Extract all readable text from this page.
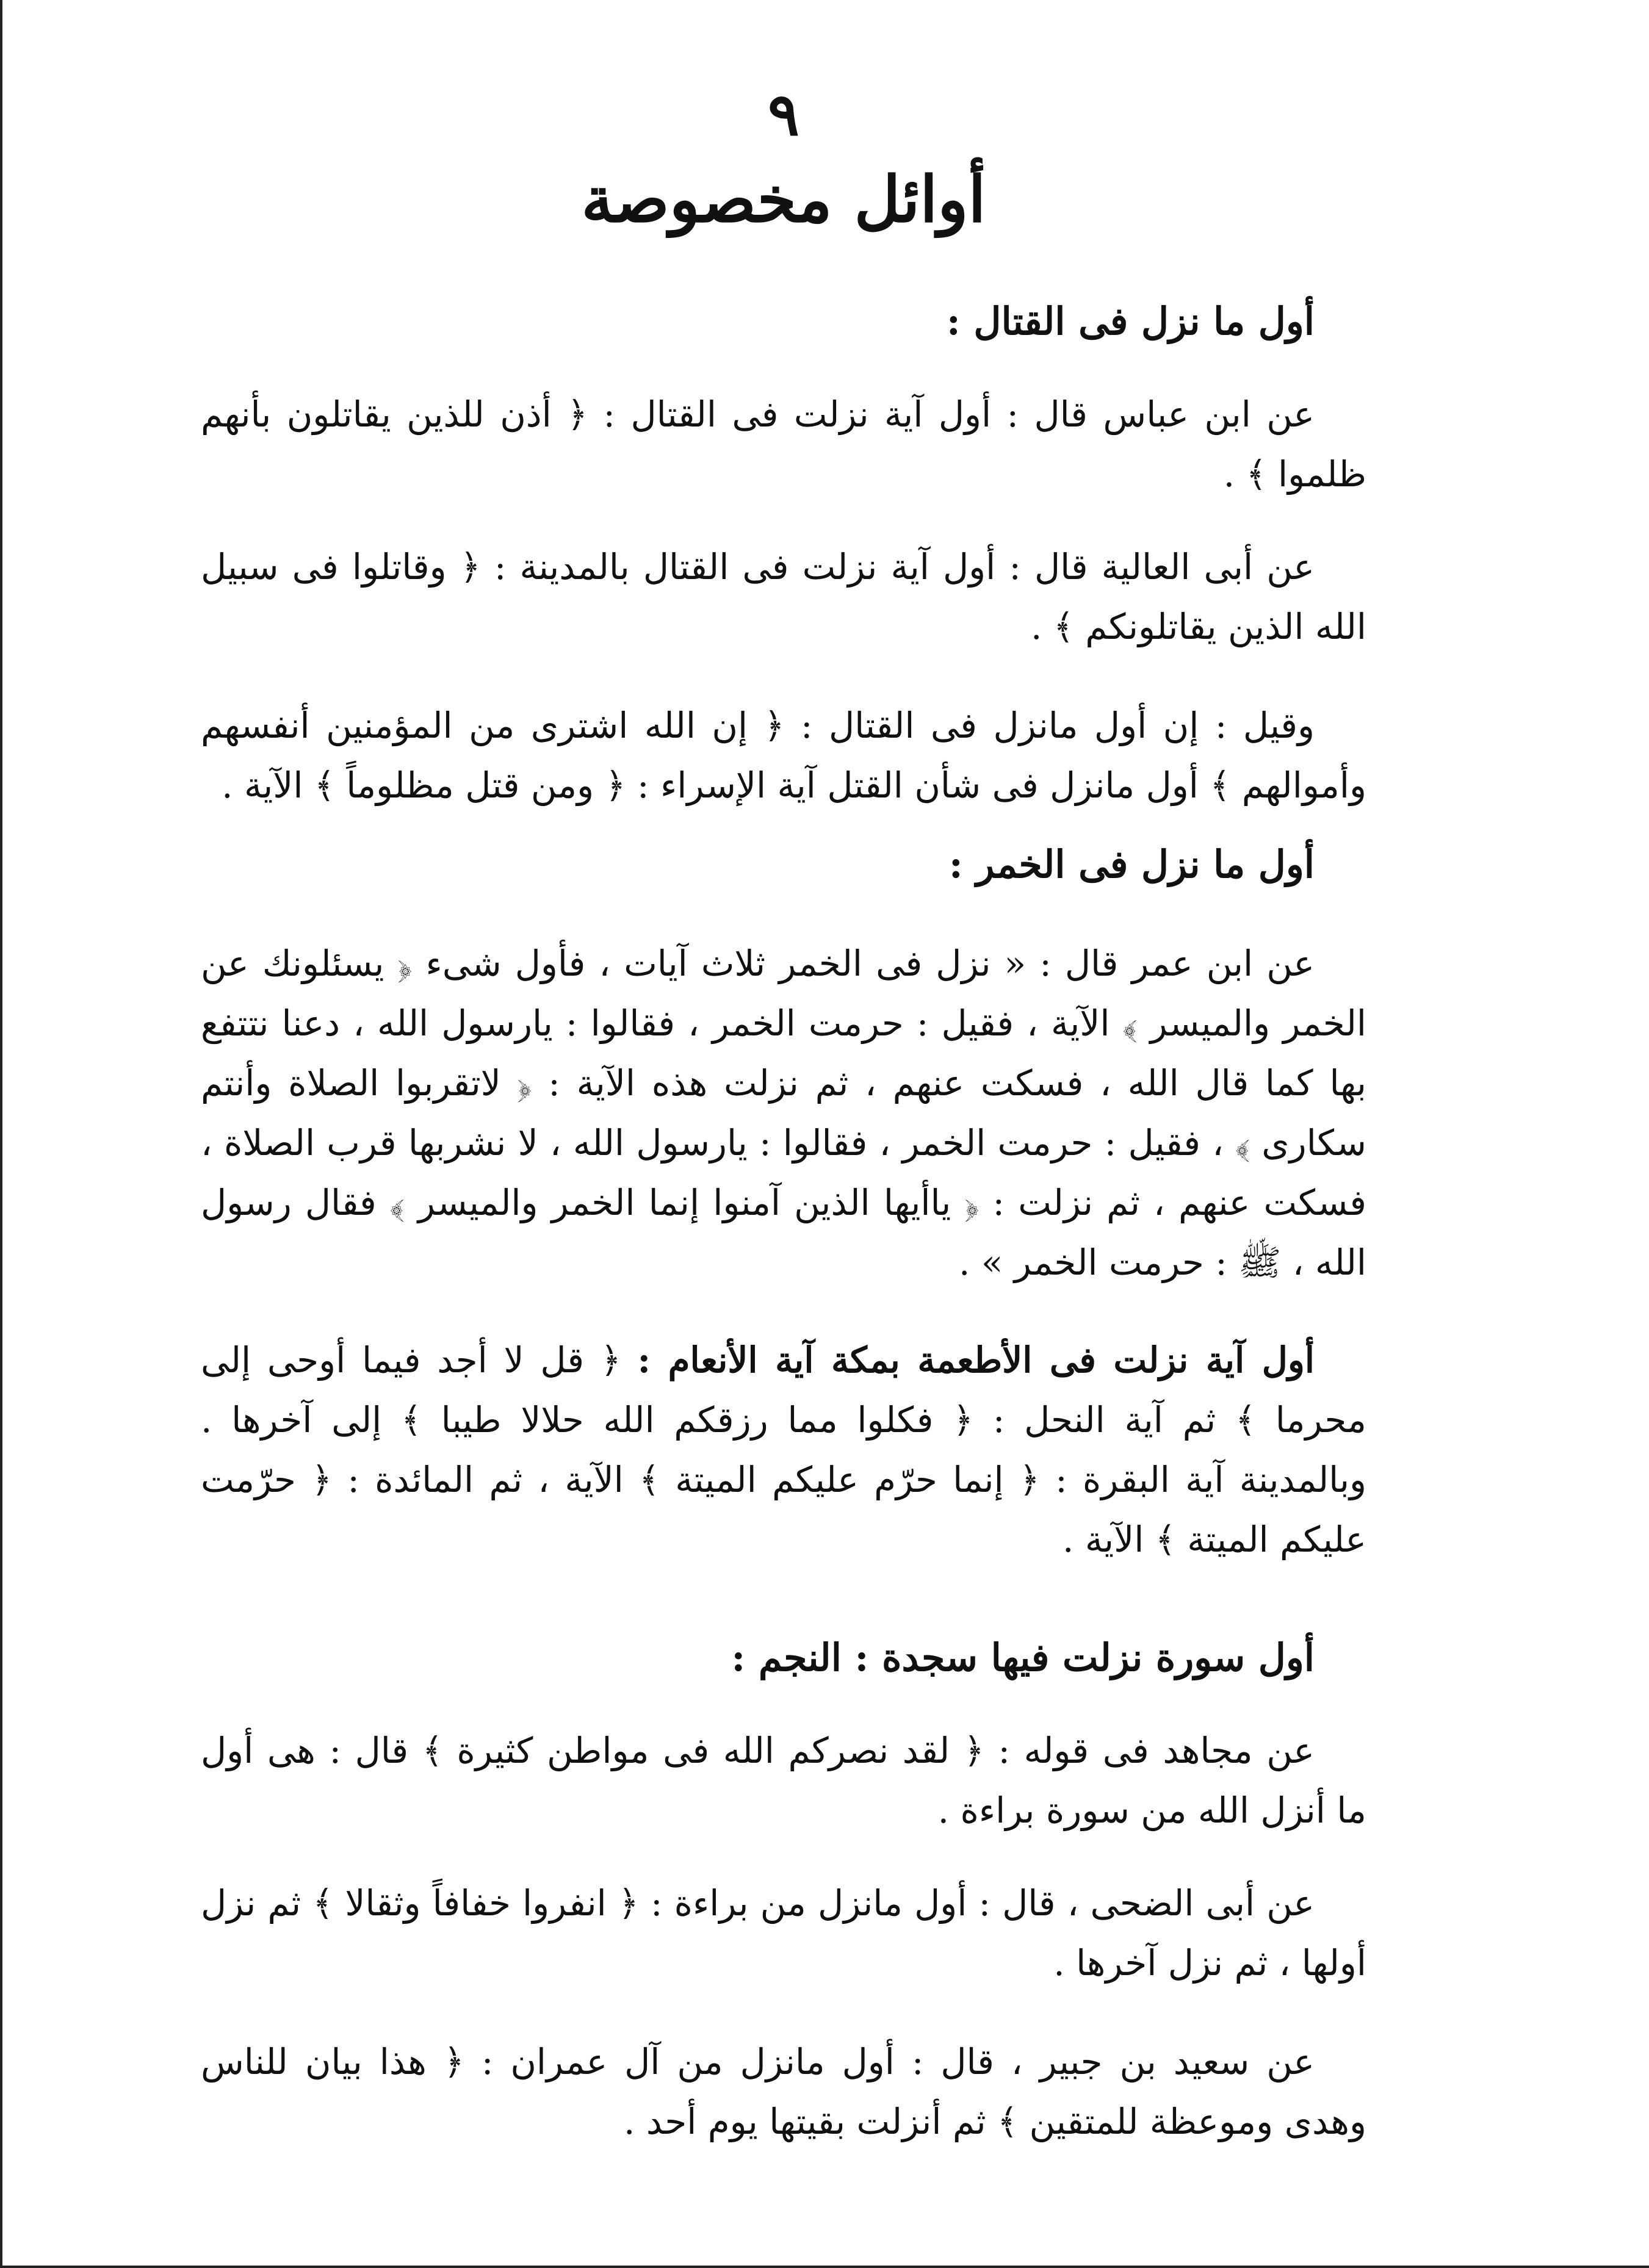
٩
أوائل مخصوصة
أول ما نزل فى القتال :
عن ابن عباس قال : أول آية نزلت فى القتال : ﴿ أذن للذين يقاتلون بأنهم ظلموا ﴾ .
عن أبى العالية قال : أول آية نزلت فى القتال بالمدينة : ﴿ وقاتلوا فى سبيل الله الذين يقاتلونكم ﴾ .
وقيل : إن أول مانزل فى القتال : ﴿ إن الله اشترى من المؤمنين أنفسهم وأموالهم ﴾ أول مانزل فى شأن القتل آية الإسراء : ﴿ ومن قتل مظلوماً ﴾ الآية .
أول ما نزل فى الخمر :
عن ابن عمر قال : « نزل فى الخمر ثلاث آيات ، فأول شىء ﴿ يسئلونك عن الخمر والميسر ﴾ الآية ، فقيل : حرمت الخمر ، فقالوا : يارسول الله ، دعنا نتتفع بها كما قال الله ، فسكت عنهم ، ثم نزلت هذه الآية : ﴿ لاتقربوا الصلاة وأنتم سكارى ﴾ ، فقيل : حرمت الخمر ، فقالوا : يارسول الله ، لا نشربها قرب الصلاة ، فسكت عنهم ، ثم نزلت : ﴿ ياأيها الذين آمنوا إنما الخمر والميسر ﴾ فقال رسول الله ، ﷺ : حرمت الخمر » .
أول آية نزلت فى الأطعمة بمكة آية الأنعام : ﴿ قل لا أجد فيما أوحى إلى محرما ﴾ ثم آية النحل : ﴿ فكلوا مما رزقكم الله حلالا طيبا ﴾ إلى آخرها . وبالمدينة آية البقرة : ﴿ إنما حرّم عليكم الميتة ﴾ الآية ، ثم المائدة : ﴿ حرّمت عليكم الميتة ﴾ الآية .
أول سورة نزلت فيها سجدة : النجم :
عن مجاهد فى قوله : ﴿ لقد نصركم الله فى مواطن كثيرة ﴾ قال : هى أول ما أنزل الله من سورة براءة .
عن أبى الضحى ، قال : أول مانزل من براءة : ﴿ انفروا خفافاً وثقالا ﴾ ثم نزل أولها ، ثم نزل آخرها .
عن سعيد بن جبير ، قال : أول مانزل من آل عمران : ﴿ هذا بيان للناس وهدى وموعظة للمتقين ﴾ ثم أنزلت بقيتها يوم أحد .
